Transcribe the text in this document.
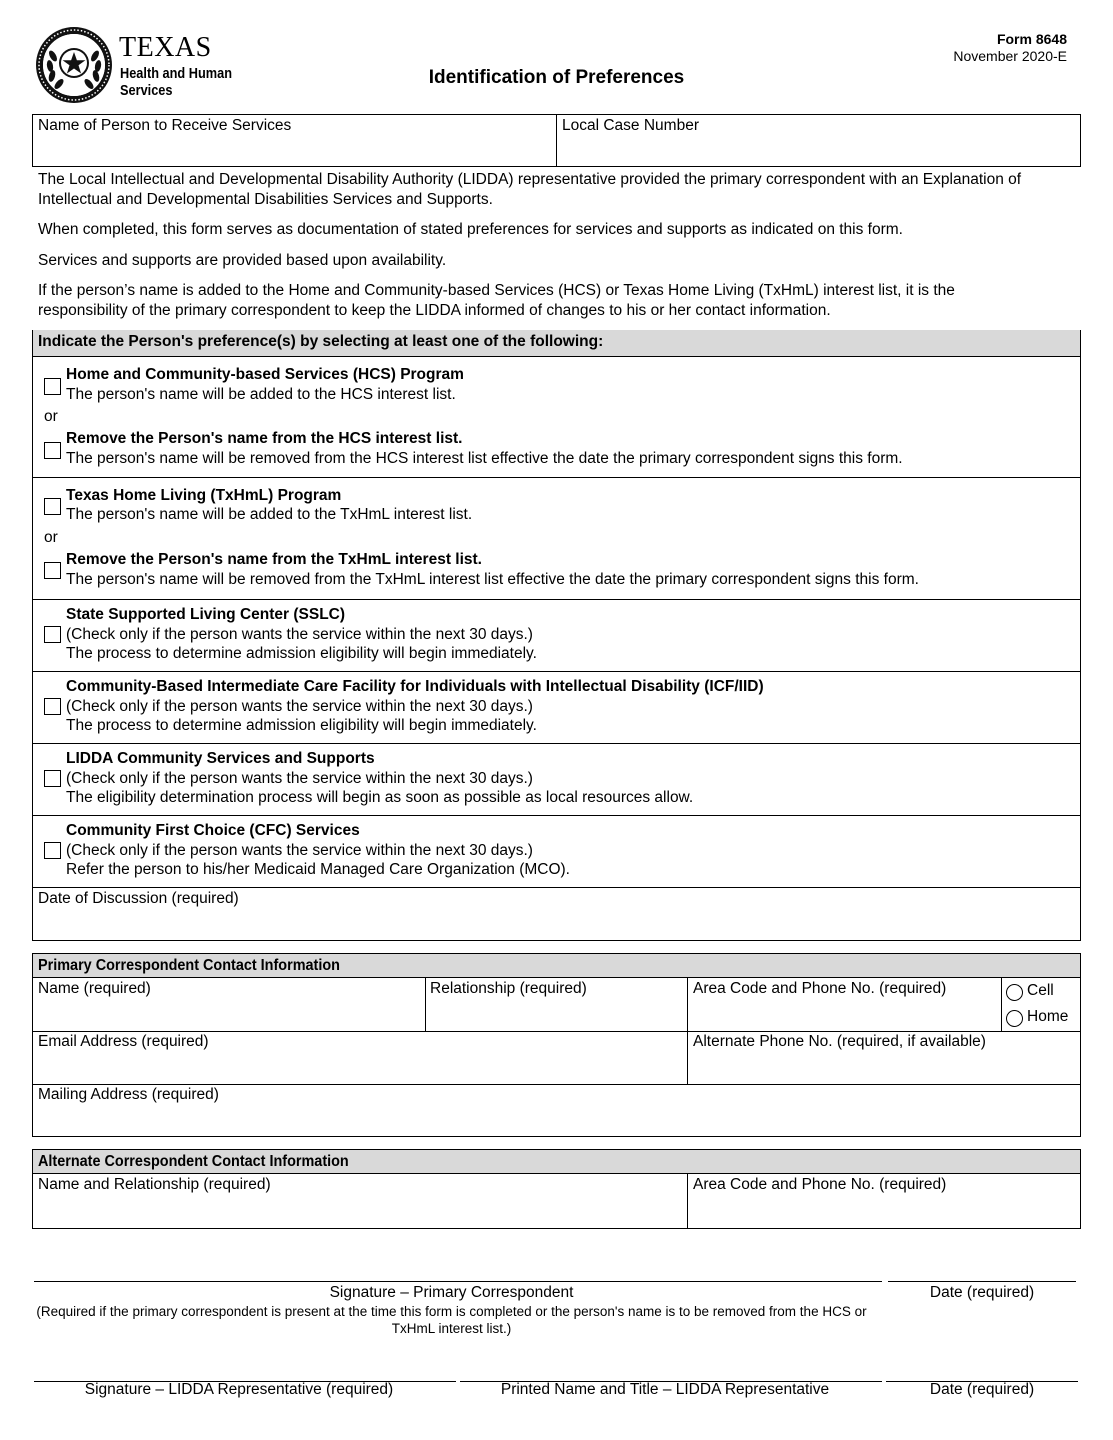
TEXAS
Health and Human
Services
Identification of Preferences
Form 8648
November 2020-E
Name of Person to Receive Services	Local Case Number
The Local Intellectual and Developmental Disability Authority (LIDDA) representative provided the primary correspondent with an Explanation of Intellectual and Developmental Disabilities Services and Supports.
When completed, this form serves as documentation of stated preferences for services and supports as indicated on this form.
Services and supports are provided based upon availability.
If the person’s name is added to the Home and Community-based Services (HCS) or Texas Home Living (TxHmL) interest list, it is the responsibility of the primary correspondent to keep the LIDDA informed of changes to his or her contact information.
Indicate the Person's preference(s) by selecting at least one of the following:
Home and Community-based Services (HCS) Program
The person's name will be added to the HCS interest list.
or
Remove the Person's name from the HCS interest list.
The person's name will be removed from the HCS interest list effective the date the primary correspondent signs this form.
Texas Home Living (TxHmL) Program
The person's name will be added to the TxHmL interest list.
or
Remove the Person's name from the TxHmL interest list.
The person's name will be removed from the TxHmL interest list effective the date the primary correspondent signs this form.
State Supported Living Center (SSLC)
(Check only if the person wants the service within the next 30 days.)
The process to determine admission eligibility will begin immediately.
Community-Based Intermediate Care Facility for Individuals with Intellectual Disability (ICF/IID)
(Check only if the person wants the service within the next 30 days.)
The process to determine admission eligibility will begin immediately.
LIDDA Community Services and Supports
(Check only if the person wants the service within the next 30 days.)
The eligibility determination process will begin as soon as possible as local resources allow.
Community First Choice (CFC) Services
(Check only if the person wants the service within the next 30 days.)
Refer the person to his/her Medicaid Managed Care Organization (MCO).
Date of Discussion (required)
Primary Correspondent Contact Information
Name (required)	Relationship (required)	Area Code and Phone No. (required)	Cell
Home
Email Address (required)	Alternate Phone No. (required, if available)
Mailing Address (required)
Alternate Correspondent Contact Information
Name and Relationship (required)	Area Code and Phone No. (required)
Signature – Primary Correspondent
(Required if the primary correspondent is present at the time this form is completed or the person's name is to be removed from the HCS or TxHmL interest list.)
Date (required)
Signature – LIDDA Representative (required)	Printed Name and Title – LIDDA Representative	Date (required)
